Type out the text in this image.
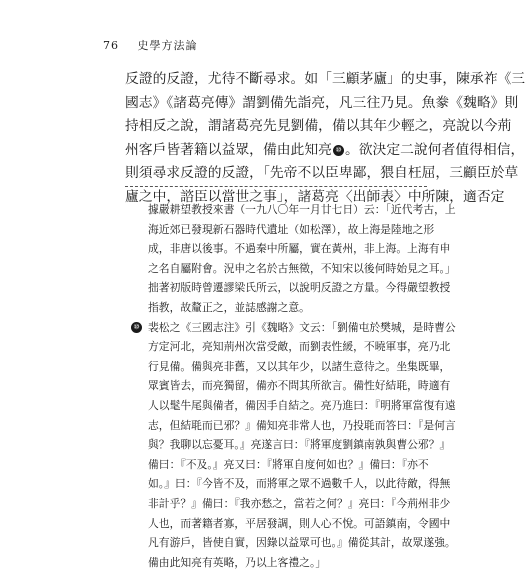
76 史學方法論
反證的反證，尤待不斷尋求。如「三顧茅廬」的史事，陳承祚《三
國志》《諸葛亮傳》謂劉備先詣亮，凡三往乃見。魚豢《魏略》則
持相反之說，謂諸葛亮先見劉備，備以其年少輕之，亮說以今荊
州客戶皆著籍以益眾，備由此知亮 ⑩ 。欲決定二說何者值得相信，
則須尋求反證的反證，「先帝不以臣卑鄙，猥自枉屈，三顧臣於草
廬之中，諮臣以當世之事」，諸葛亮〈出師表〉中所陳，適否定
據嚴耕望教授來書（一九八〇年一月廿七日）云：「近代考古，上
海近郊已發現新石器時代遺址（如松澤），故上海是陸地之形
成，非唐以後事。不過秦中所屬，實在黃州，非上海。上海有申
之名自屬附會。況申之名於古無徵，不知宋以後何時始見之耳。」
拙著初版時曾遷謬梁氏所云，以說明反證之方量。今得嚴望教授
指教，故釐正之，並誌感謝之意。
⑩ 裴松之《三國志注》引《魏略》文云：「劉備屯於樊城，是時曹公
方定河北，亮知荊州次當受敵，而劉表性緩，不曉軍事，亮乃北
行見備。備與亮非舊，又以其年少，以諸生意待之。坐集既畢，
眾賓皆去，而亮獨留，備亦不問其所欲言。備性好結毦，時適有
人以髦牛尾與備者，備因手自結之。亮乃進曰：『明將軍當復有遠
志，但結毦而已邪？』備知亮非常人也，乃投毦而答曰：『是何言
與？我聊以忘憂耳。』亮遂言曰：『將軍度劉鎮南孰與曹公邪？』
備曰：『不及。』亮又曰：『將軍自度何如也？』備曰：『亦不
如。』曰：『今皆不及，而將軍之眾不過數千人，以此待敵，得無
非計乎？』備曰：『我亦愁之，當若之何？』亮曰：『今荊州非少
人也，而著籍者寡，平居發調，則人心不悅。可語鎮南，令國中
凡有游戶，皆使自實，因錄以益眾可也。』備從其計，故眾遂強。
備由此知亮有英略，乃以上客禮之。」
